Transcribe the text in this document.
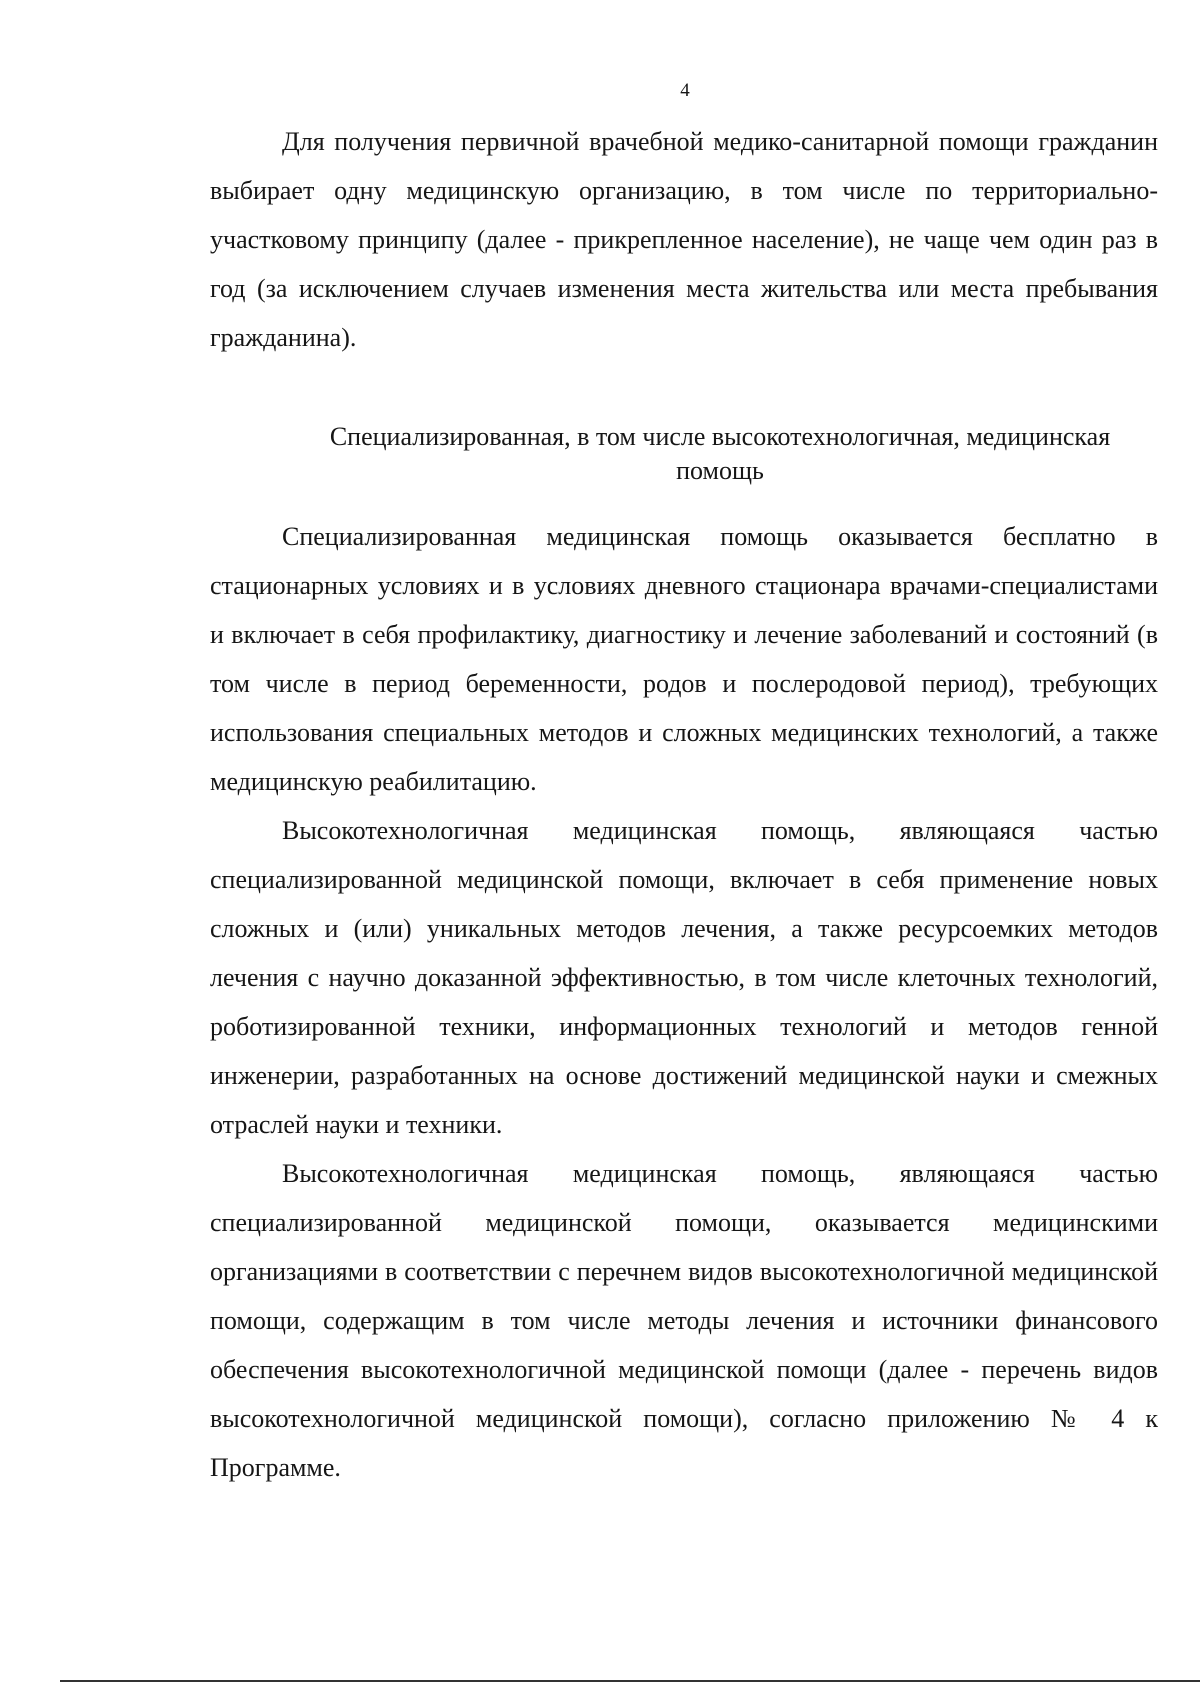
4

Для получения первичной врачебной медико-санитарной помощи гражданин выбирает одну медицинскую организацию, в том числе по территориально-участковому принципу (далее - прикрепленное население), не чаще чем один раз в год (за исключением случаев изменения места жительства или места пребывания гражданина).

Специализированная, в том числе высокотехнологичная, медицинская
помощь

Специализированная медицинская помощь оказывается бесплатно в стационарных условиях и в условиях дневного стационара врачами-специалистами и включает в себя профилактику, диагностику и лечение заболеваний и состояний (в том числе в период беременности, родов и послеродовой период), требующих использования специальных методов и сложных медицинских технологий, а также медицинскую реабилитацию.

Высокотехнологичная медицинская помощь, являющаяся частью специализированной медицинской помощи, включает в себя применение новых сложных и (или) уникальных методов лечения, а также ресурсоемких методов лечения с научно доказанной эффективностью, в том числе клеточных технологий, роботизированной техники, информационных технологий и методов генной инженерии, разработанных на основе достижений медицинской науки и смежных отраслей науки и техники.

Высокотехнологичная медицинская помощь, являющаяся частью специализированной медицинской помощи, оказывается медицинскими организациями в соответствии с перечнем видов высокотехнологичной медицинской помощи, содержащим в том числе методы лечения и источники финансового обеспечения высокотехнологичной медицинской помощи (далее - перечень видов высокотехнологичной медицинской помощи), согласно приложению № 4 к Программе.
